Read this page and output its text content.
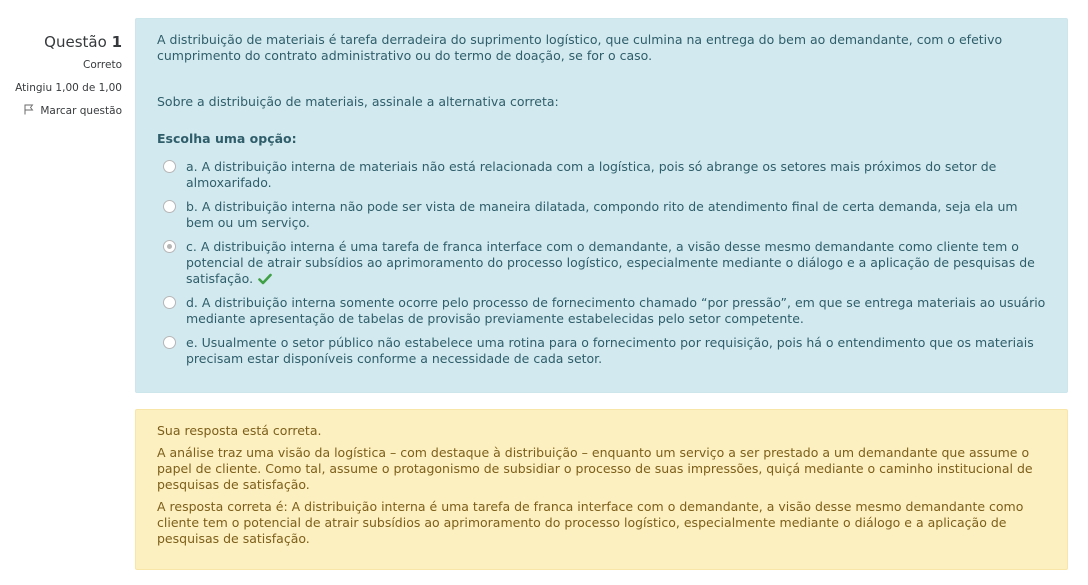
Questão 1
Correto
Atingiu 1,00 de 1,00
Marcar questão
A distribuição de materiais é tarefa derradeira do suprimento logístico, que culmina na entrega do bem ao demandante, com o efetivo cumprimento do contrato administrativo ou do termo de doação, se for o caso.
Sobre a distribuição de materiais, assinale a alternativa correta:
Escolha uma opção:
a. A distribuição interna de materiais não está relacionada com a logística, pois só abrange os setores mais próximos do setor de almoxarifado.
b. A distribuição interna não pode ser vista de maneira dilatada, compondo rito de atendimento final de certa demanda, seja ela um bem ou um serviço.
c. A distribuição interna é uma tarefa de franca interface com o demandante, a visão desse mesmo demandante como cliente tem o potencial de atrair subsídios ao aprimoramento do processo logístico, especialmente mediante o diálogo e a aplicação de pesquisas de satisfação.
d. A distribuição interna somente ocorre pelo processo de fornecimento chamado “por pressão”, em que se entrega materiais ao usuário mediante apresentação de tabelas de provisão previamente estabelecidas pelo setor competente.
e. Usualmente o setor público não estabelece uma rotina para o fornecimento por requisição, pois há o entendimento que os materiais precisam estar disponíveis conforme a necessidade de cada setor.
Sua resposta está correta.
A análise traz uma visão da logística – com destaque à distribuição – enquanto um serviço a ser prestado a um demandante que assume o papel de cliente. Como tal, assume o protagonismo de subsidiar o processo de suas impressões, quiçá mediante o caminho institucional de pesquisas de satisfação.
A resposta correta é: A distribuição interna é uma tarefa de franca interface com o demandante, a visão desse mesmo demandante como cliente tem o potencial de atrair subsídios ao aprimoramento do processo logístico, especialmente mediante o diálogo e a aplicação de pesquisas de satisfação.
